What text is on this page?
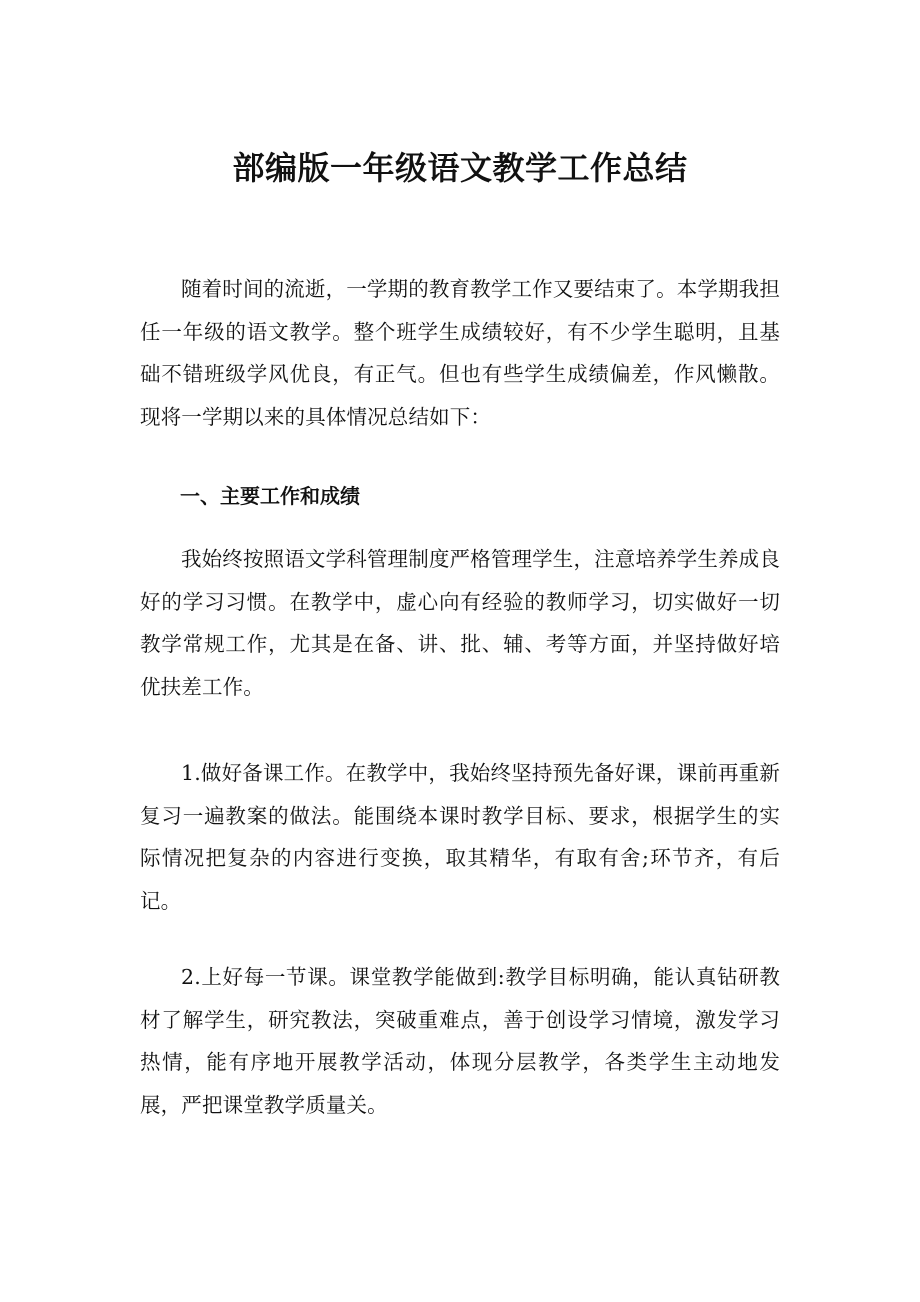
部编版一年级语文教学工作总结

随着时间的流逝，一学期的教育教学工作又要结束了。本学期我担任一年级的语文教学。整个班学生成绩较好，有不少学生聪明，且基础不错班级学风优良，有正气。但也有些学生成绩偏差，作风懒散。现将一学期以来的具体情况总结如下：

一、主要工作和成绩

我始终按照语文学科管理制度严格管理学生，注意培养学生养成良好的学习习惯。在教学中，虚心向有经验的教师学习，切实做好一切教学常规工作，尤其是在备、讲、批、辅、考等方面，并坚持做好培优扶差工作。

1.做好备课工作。在教学中，我始终坚持预先备好课，课前再重新复习一遍教案的做法。能围绕本课时教学目标、要求，根据学生的实际情况把复杂的内容进行变换，取其精华，有取有舍;环节齐，有后记。

2.上好每一节课。课堂教学能做到:教学目标明确，能认真钻研教材了解学生，研究教法，突破重难点，善于创设学习情境，激发学习热情，能有序地开展教学活动，体现分层教学，各类学生主动地发展，严把课堂教学质量关。
